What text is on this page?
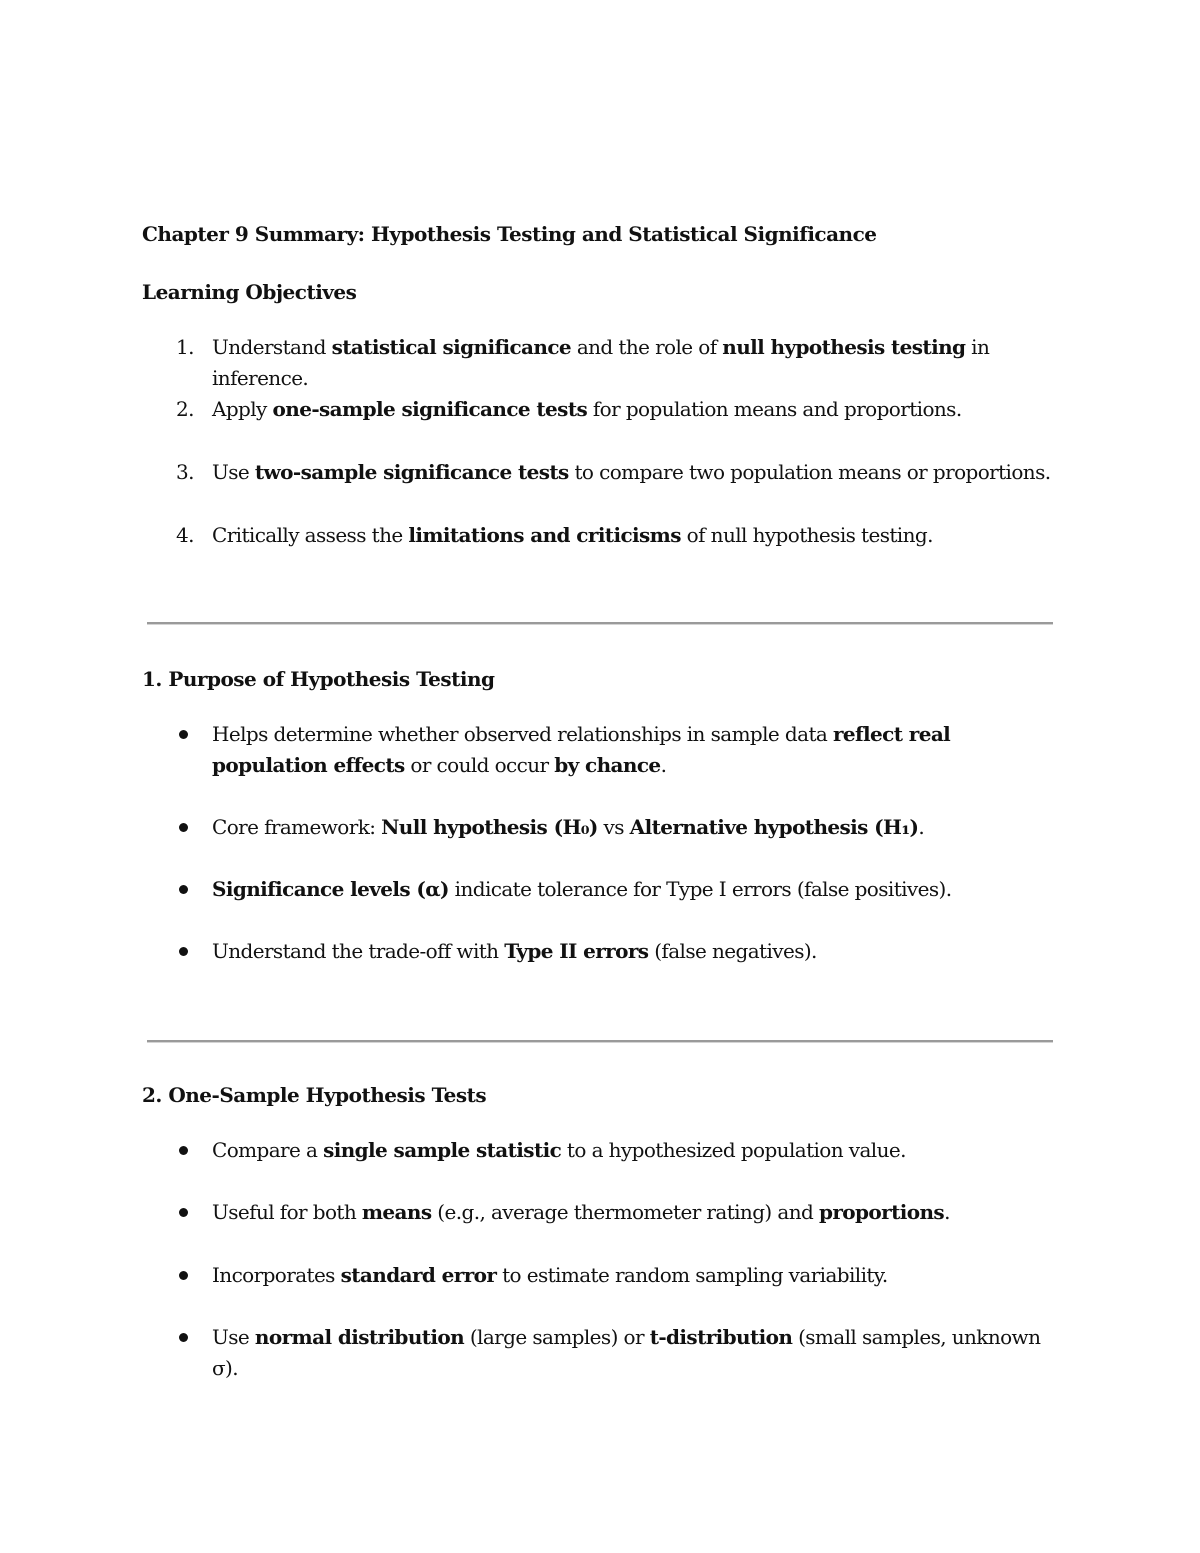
Chapter 9 Summary: Hypothesis Testing and Statistical Significance
Learning Objectives
1. Understand statistical significance and the role of null hypothesis testing in inference.
2. Apply one-sample significance tests for population means and proportions.
3. Use two-sample significance tests to compare two population means or proportions.
4. Critically assess the limitations and criticisms of null hypothesis testing.
1. Purpose of Hypothesis Testing
Helps determine whether observed relationships in sample data reflect real population effects or could occur by chance.
Core framework: Null hypothesis (H₀) vs Alternative hypothesis (H₁).
Significance levels (α) indicate tolerance for Type I errors (false positives).
Understand the trade-off with Type II errors (false negatives).
2. One-Sample Hypothesis Tests
Compare a single sample statistic to a hypothesized population value.
Useful for both means (e.g., average thermometer rating) and proportions.
Incorporates standard error to estimate random sampling variability.
Use normal distribution (large samples) or t-distribution (small samples, unknown σ).
